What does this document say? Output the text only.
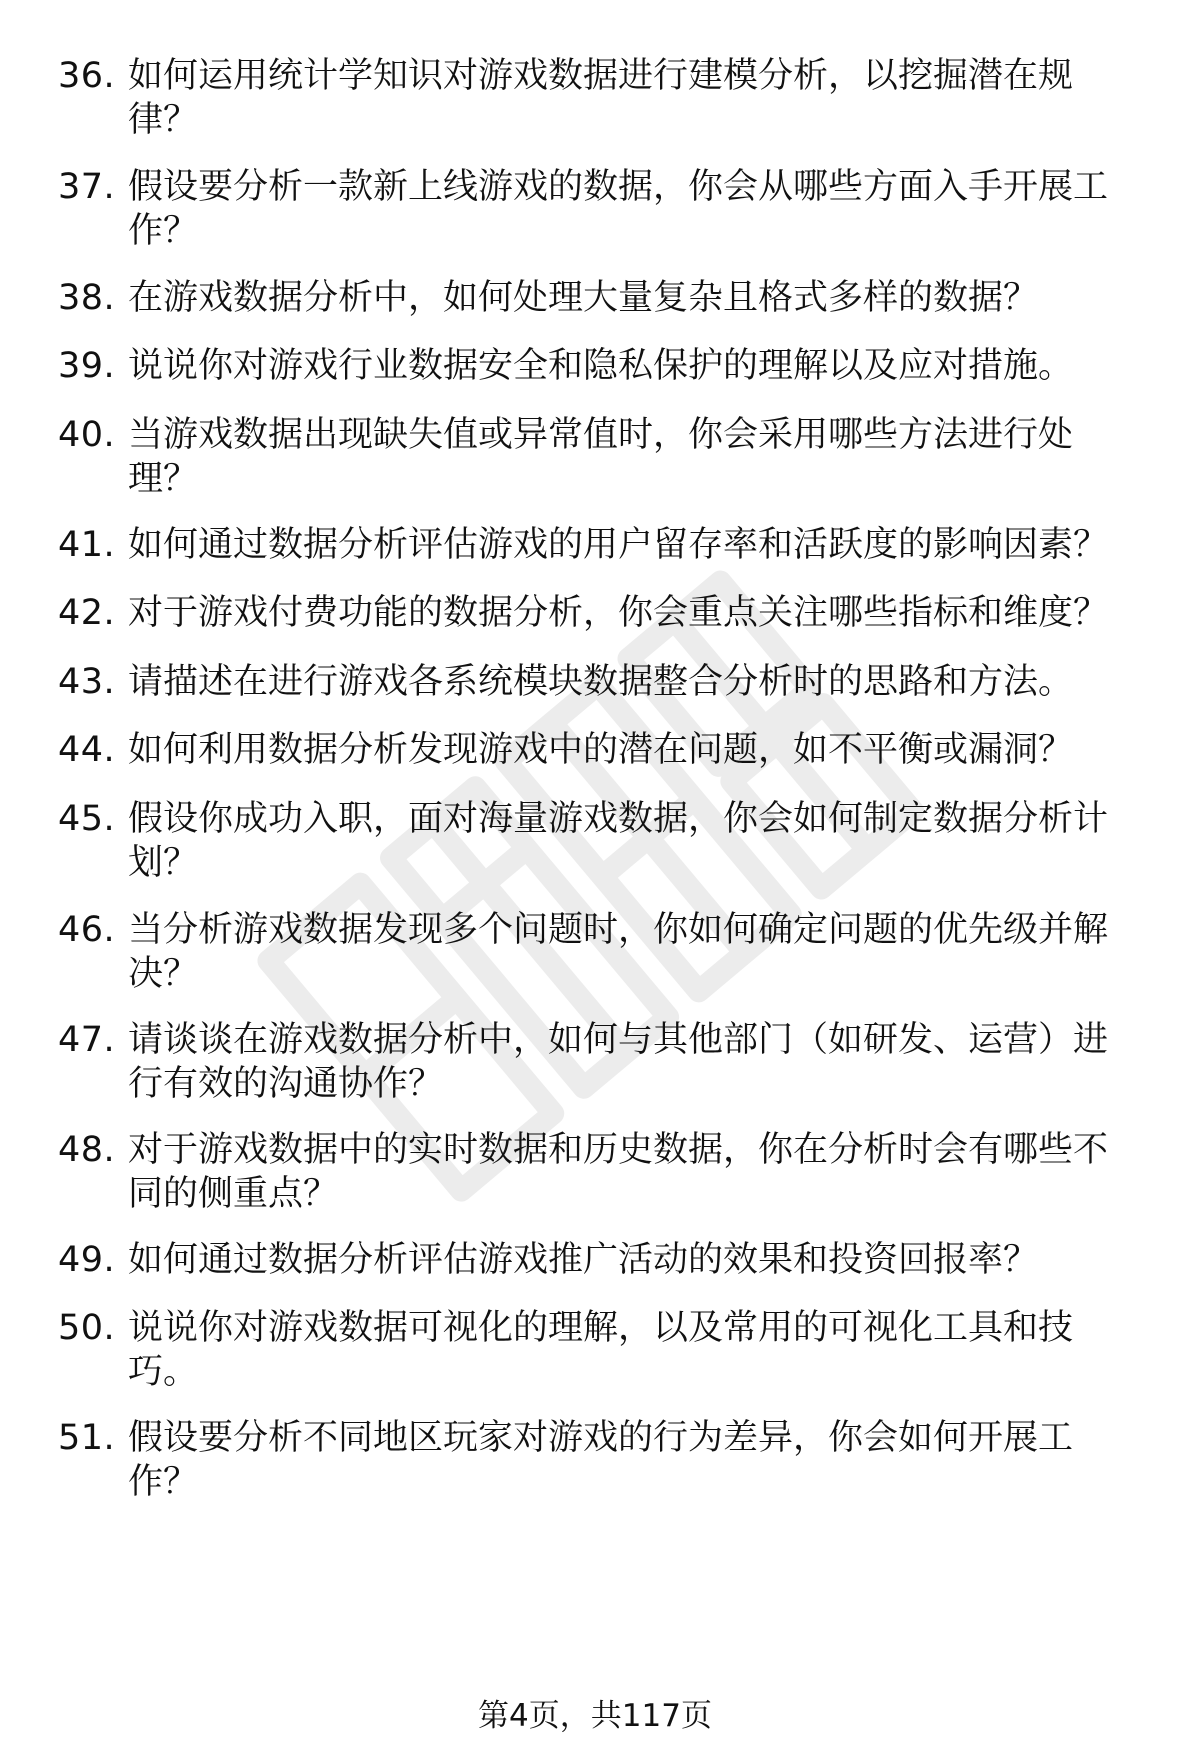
36. 如何运用统计学知识对游戏数据进行建模分析，以挖掘潜在规
律？
37. 假设要分析一款新上线游戏的数据，你会从哪些方面入手开展工
作？
38. 在游戏数据分析中，如何处理大量复杂且格式多样的数据？
39. 说说你对游戏行业数据安全和隐私保护的理解以及应对措施。
40. 当游戏数据出现缺失值或异常值时，你会采用哪些方法进行处
理？
41. 如何通过数据分析评估游戏的用户留存率和活跃度的影响因素？
42. 对于游戏付费功能的数据分析，你会重点关注哪些指标和维度？
43. 请描述在进行游戏各系统模块数据整合分析时的思路和方法。
44. 如何利用数据分析发现游戏中的潜在问题，如不平衡或漏洞？
45. 假设你成功入职，面对海量游戏数据，你会如何制定数据分析计
划？
46. 当分析游戏数据发现多个问题时，你如何确定问题的优先级并解
决？
47. 请谈谈在游戏数据分析中，如何与其他部门（如研发、运营）进
行有效的沟通协作？
48. 对于游戏数据中的实时数据和历史数据，你在分析时会有哪些不
同的侧重点？
49. 如何通过数据分析评估游戏推广活动的效果和投资回报率？
50. 说说你对游戏数据可视化的理解，以及常用的可视化工具和技
巧。
51. 假设要分析不同地区玩家对游戏的行为差异，你会如何开展工
作？
第4页，共117页
